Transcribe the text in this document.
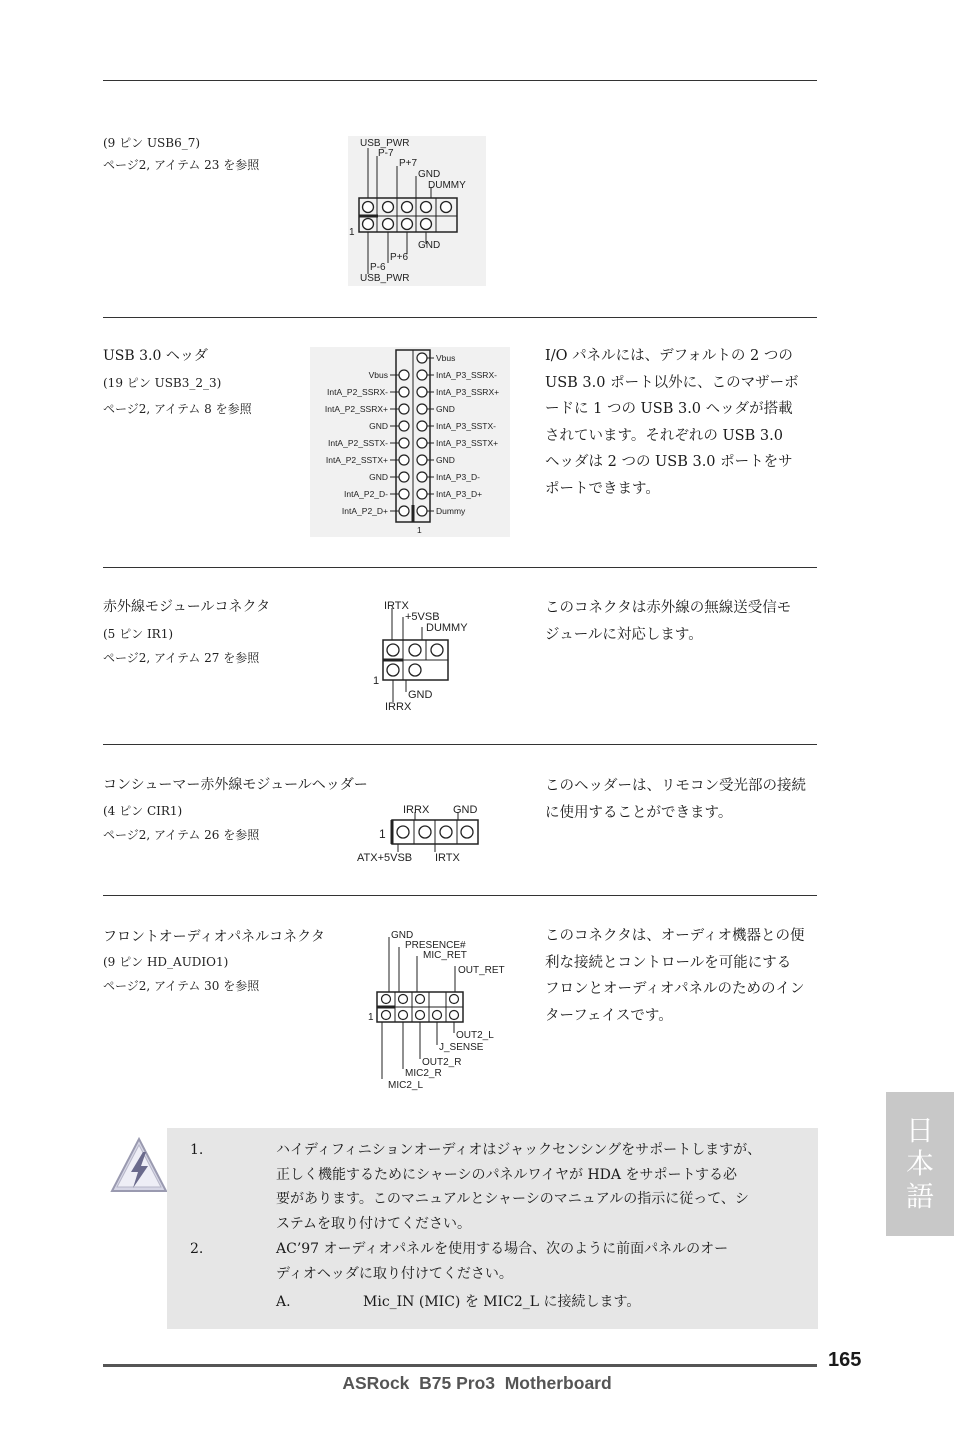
(9 ピン USB6_7)
ページ2, アイテム 23 を参照
USB_PWR
P-7
P+7
GND
DUMMY
1
GND
P+6
P-6
USB_PWR
USB 3.0 ヘッダ
(19 ピン USB3_2_3)
ページ2, アイテム 8 を参照
Vbus
IntA_P2_SSRX-
IntA_P2_SSRX+
GND
IntA_P2_SSTX-
IntA_P2_SSTX+
GND
IntA_P2_D-
IntA_P2_D+
Vbus
IntA_P3_SSRX-
IntA_P3_SSRX+
GND
IntA_P3_SSTX-
IntA_P3_SSTX+
GND
IntA_P3_D-
IntA_P3_D+
Dummy
1

I/O パネルには、デフォルトの 2 つの

USB 3.0 ポート以外に、このマザーボ

ードに 1 つの USB 3.0 ヘッダが搭載

されています。それぞれの USB 3.0

ヘッダは 2 つの USB 3.0 ポートをサ

ポートできます。

赤外線モジュールコネクタ
(5 ピン IR1)
ページ2, アイテム 27 を参照
IRTX
+5VSB
DUMMY
1
GND
IRRX

このコネクタは赤外線の無線送受信モ

ジュールに対応します。

コンシューマー赤外線モジュールヘッダー
(4 ピン CIR1)
ページ2, アイテム 26 を参照
IRRX GND
1
ATX+5VSB IRTX

このヘッダーは、リモコン受光部の接続

に使用することができます。

フロントオーディオパネルコネクタ
(9 ピン HD_AUDIO1)
ページ2, アイテム 30 を参照
GND
PRESENCE#
MIC_RET
OUT_RET
1
OUT2_L
J_SENSE
OUT2_R
MIC2_R
MIC2_L

このコネクタは、オーディオ機器との便

利な接続とコントロールを可能にする

フロンとオーディオパネルのためのイン

ターフェイスです。

1.	ハイディフィニションオーディオはジャックセンシングをサポートしますが、

正しく機能するためにシャーシのパネルワイヤが HDA をサポートする必

要があります。このマニュアルとシャーシのマニュアルの指示に従って、シ

ステムを取り付けてください。

2.	AC’97 オーディオパネルを使用する場合、次のように前面パネルのオー

ディオヘッダに取り付けてください。

A.	Mic_IN (MIC) を MIC2_L に接続します。
日本語
165
ASRock  B75 Pro3  Motherboard
